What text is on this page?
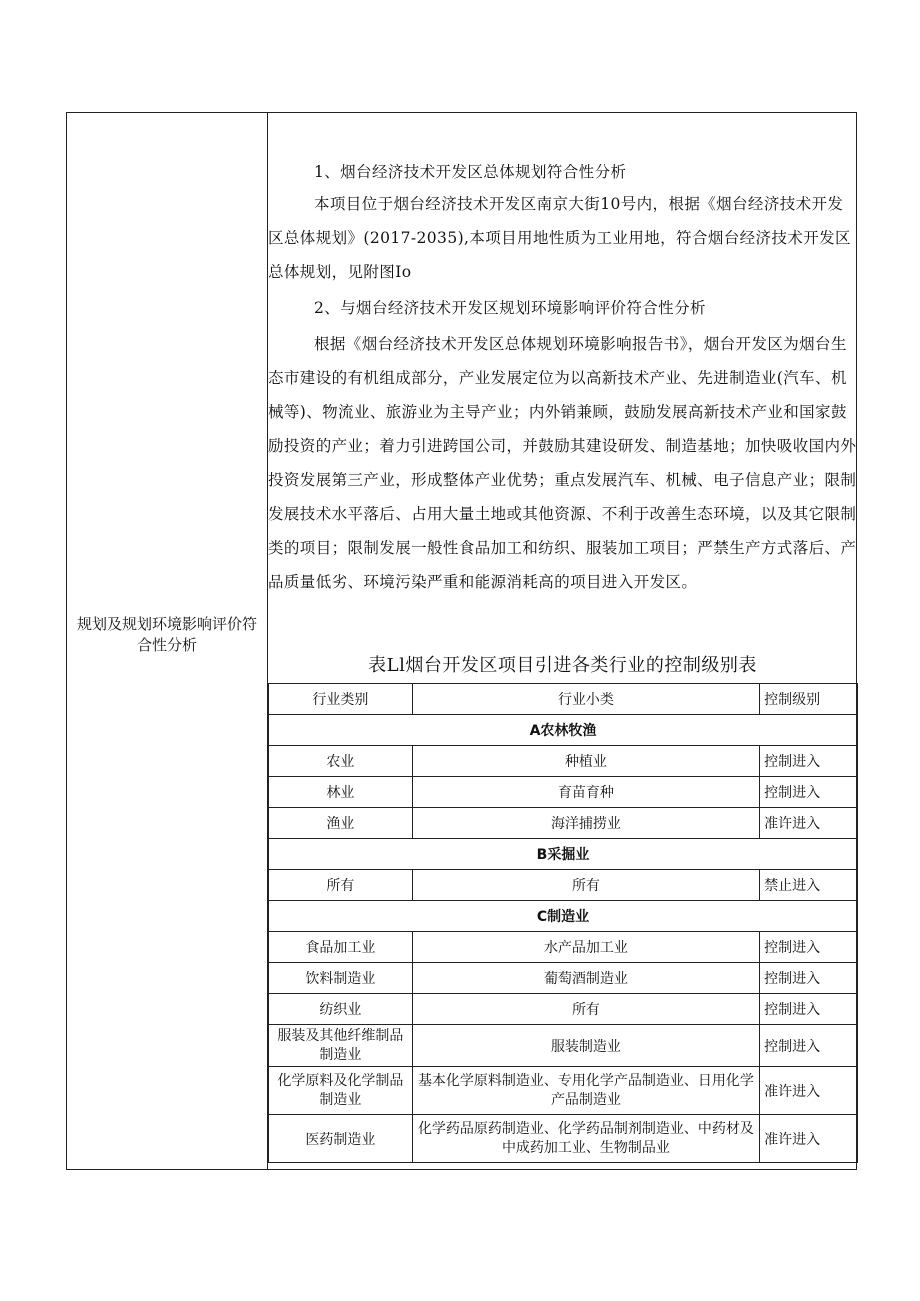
规划及规划环境影响评价符合性分析

1、烟台经济技术开发区总体规划符合性分析

本项目位于烟台经济技术开发区南京大街10号内，根据《烟台经济技术开发区总体规划》(2017-2035),本项目用地性质为工业用地，符合烟台经济技术开发区总体规划，见附图Io

2、与烟台经济技术开发区规划环境影响评价符合性分析

根据《烟台经济技术开发区总体规划环境影响报告书》，烟台开发区为烟台生态市建设的有机组成部分，产业发展定位为以高新技术产业、先进制造业(汽车、机械等)、物流业、旅游业为主导产业；内外销兼顾，鼓励发展高新技术产业和国家鼓励投资的产业；着力引进跨国公司，并鼓励其建设研发、制造基地；加快吸收国内外投资发展第三产业，形成整体产业优势；重点发展汽车、机械、电子信息产业；限制发展技术水平落后、占用大量土地或其他资源、不利于改善生态环境，以及其它限制类的项目；限制发展一般性食品加工和纺织、服装加工项目；严禁生产方式落后、产品质量低劣、环境污染严重和能源消耗高的项目进入开发区。

表Ll烟台开发区项目引进各类行业的控制级别表
行业类别	行业小类	控制级别
A农林牧渔		
农业	种植业	控制进入
林业	育苗育种	控制进入
渔业	海洋捕捞业	准许进入
B采掘业		
所有	所有	禁止进入
C制造业		
食品加工业	水产品加工业	控制进入
饮料制造业	葡萄酒制造业	控制进入
纺织业	所有	控制进入
服装及其他纤维制品制造业	服装制造业	控制进入
化学原料及化学制品制造业	基本化学原料制造业、专用化学产品制造业、日用化学产品制造业	准许进入
医药制造业	化学药品原药制造业、化学药品制剂制造业、中药材及中成药加工业、生物制品业	准许进入
